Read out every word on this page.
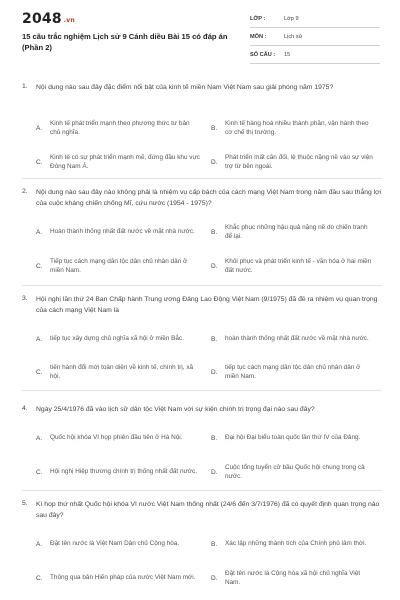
2048 .vn
15 câu trắc nghiệm Lịch sử 9 Cánh diều Bài 15 có đáp án (Phần 2)
LỚP :	Lớp 9
MÔN :	Lịch sử
SỐ CÂU :	15
1. Nội dung nào sau đây đặc điểm nổi bật của kinh tế miền Nam Việt Nam sau giải phóng năm 1975?
A.
Kinh tế phát triển mạnh theo phương thức tư bản chủ nghĩa.
B.
Kinh tế hàng hoá nhiều thành phần, vận hành theo cơ chế thị trường.
C.
Kinh tế có sự phát triển mạnh mẽ, đứng đầu khu vực Đông Nam Á.
D.
Phát triển mất cân đối, lệ thuộc nặng nề vào sự viện trợ từ bên ngoài.
2. Nội dung nào sau đây nào không phải là nhiệm vụ cấp bách của cách mạng Việt Nam trong năm đầu sau thắng lợi của cuộc kháng chiến chống Mĩ, cứu nước (1954 - 1975)?
A. Hoàn thành thống nhất đất nước về mặt nhà nước.	B.
Khắc phục những hậu quả nặng nề do chiến tranh để lại.
C.
Tiếp tục cách mạng dân tộc dân chủ nhân dân ở miền Nam.
D.
Khôi phục và phát triển kinh tế - văn hóa ở hai miền đất nước.
3. Hội nghị lần thứ 24 Ban Chấp hành Trung ương Đảng Lao Động Việt Nam (9/1975) đã đề ra nhiệm vụ quan trọng của cách mạng Việt Nam là
A. tiếp tục xây dựng chủ nghĩa xã hội ở miền Bắc.	B. hoàn thành thống nhất đất nước về mặt nhà nước.
C.
tiến hành đổi mới toàn diện về kinh tế, chính trị, xã hội.
D.
tiếp tục cách mạng dân tộc dân chủ nhân dân ở miền Nam.
4. Ngày 25/4/1976 đã vào lịch sử dân tộc Việt Nam với sự kiện chính trị trọng đại nào sau đây?
A. Quốc hội khóa VI họp phiên đầu tiên ở Hà Nội.	B. Đại hội Đại biểu toàn quốc lần thứ IV của Đảng.
C. Hội nghị Hiệp thương chính trị thống nhất đất nước.	D.
Cuộc tổng tuyển cử bầu Quốc hội chung trong cả nước.
5. Kì họp thứ nhất Quốc hội khóa VI nước Việt Nam thống nhất (24/6 đến 3/7/1976) đã có quyết định quan trọng nào sau đây?
A. Đặt tên nước là Việt Nam Dân chủ Cộng hòa.	B. Xác lập những thành tích của Chính phủ lâm thời.
C. Thông qua bản Hiến pháp của nước Việt Nam mới.	D.
Đặt tên nước là Cộng hòa xã hội chủ nghĩa Việt Nam.
